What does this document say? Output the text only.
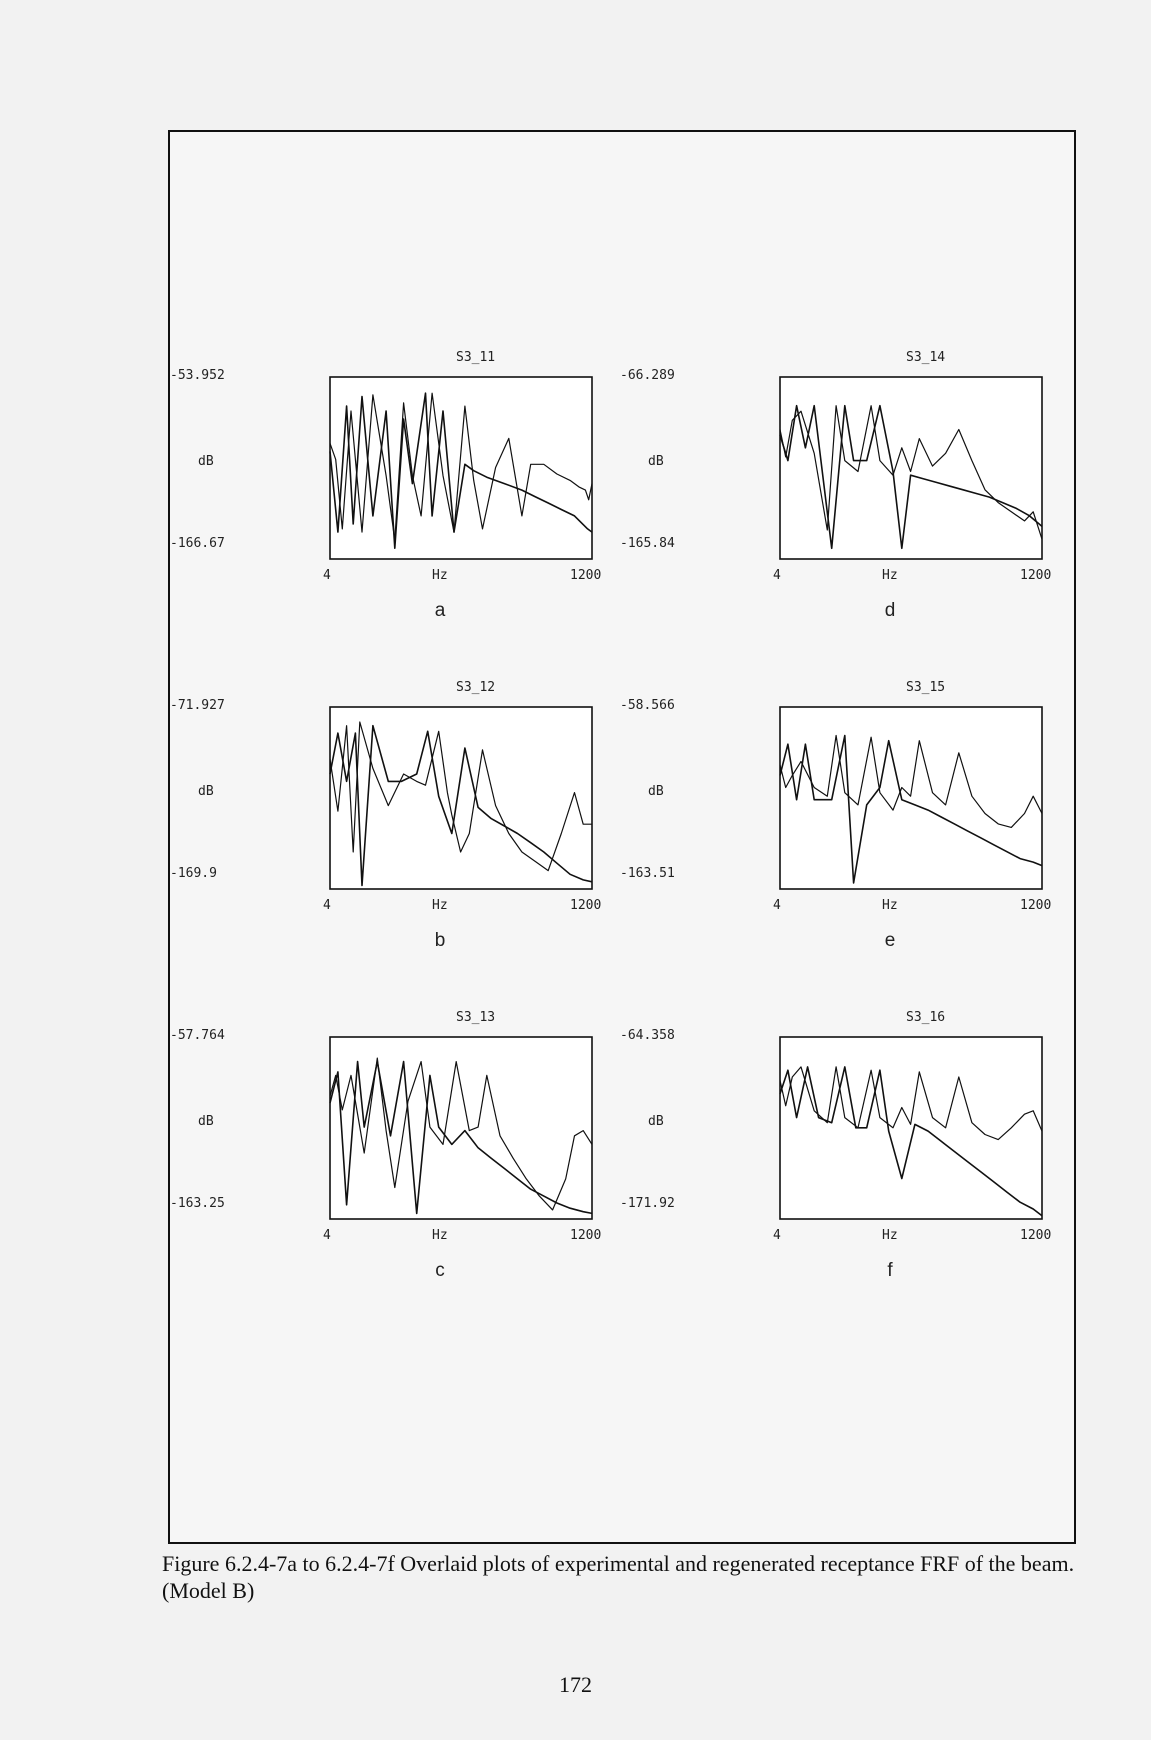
S3_11
-53.952
dB
-166.67
4	Hz	1200
a
S3_14
-66.289
dB
-165.84
4	Hz	1200
d
S3_12
-71.927
dB
-169.9
4	Hz	1200
b
S3_15
-58.566
dB
-163.51
4	Hz	1200
e
S3_13
-57.764
dB
-163.25
4	Hz	1200
c
S3_16
-64.358
dB
-171.92
4	Hz	1200
f
Figure 6.2.4-7a to 6.2.4-7f Overlaid plots of experimental and regenerated receptance FRF of the beam. (Model B)
172
